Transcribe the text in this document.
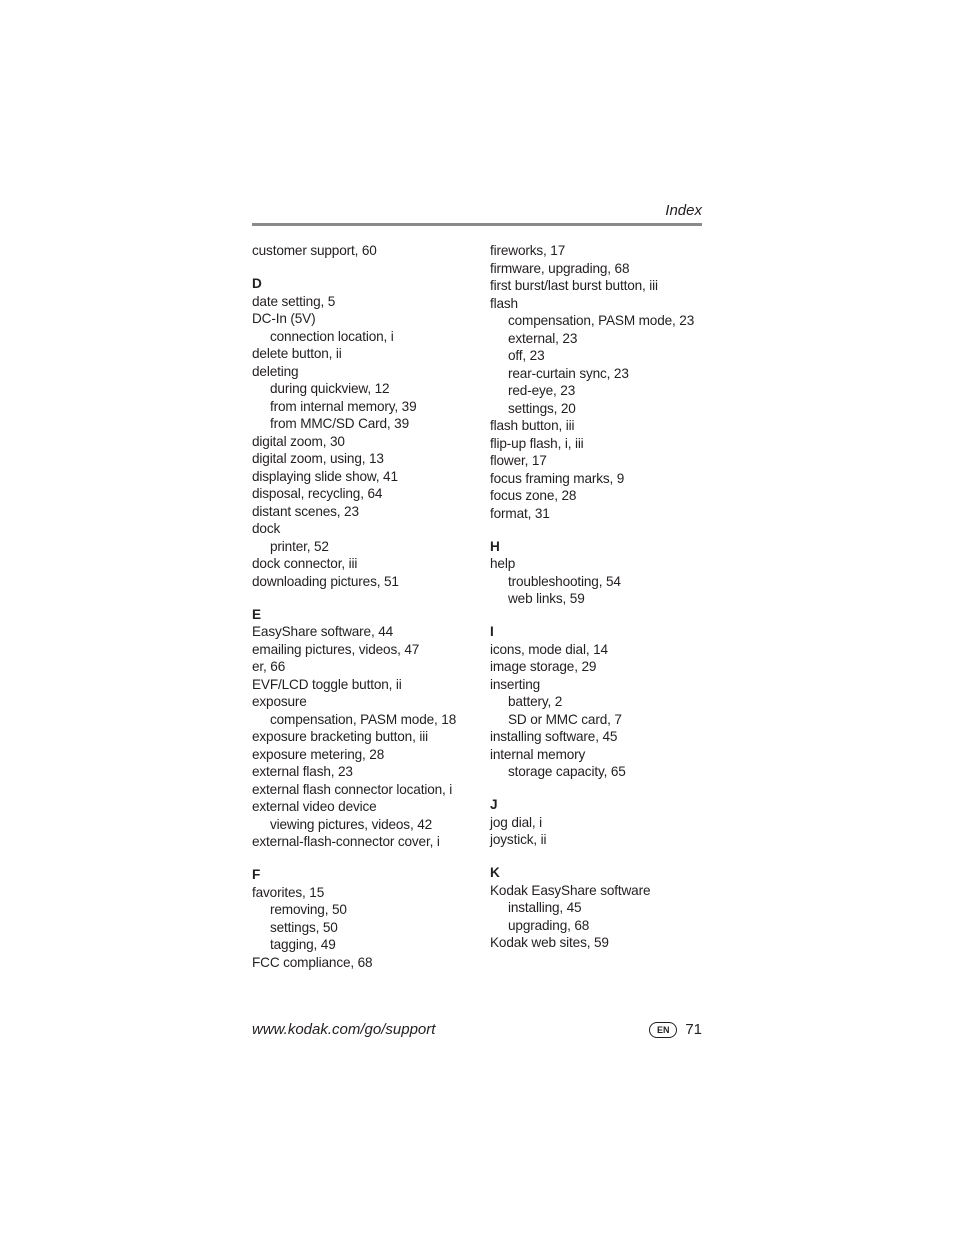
Index
customer support, 60
D
date setting, 5
DC-In (5V)
connection location, i
delete button, ii
deleting
during quickview, 12
from internal memory, 39
from MMC/SD Card, 39
digital zoom, 30
digital zoom, using, 13
displaying slide show, 41
disposal, recycling, 64
distant scenes, 23
dock
printer, 52
dock connector, iii
downloading pictures, 51
E
EasyShare software, 44
emailing pictures, videos, 47
er, 66
EVF/LCD toggle button, ii
exposure
compensation, PASM mode, 18
exposure bracketing button, iii
exposure metering, 28
external flash, 23
external flash connector location, i
external video device
viewing pictures, videos, 42
external-flash-connector cover, i
F
favorites, 15
removing, 50
settings, 50
tagging, 49
FCC compliance, 68
fireworks, 17
firmware, upgrading, 68
first burst/last burst button, iii
flash
compensation, PASM mode, 23
external, 23
off, 23
rear-curtain sync, 23
red-eye, 23
settings, 20
flash button, iii
flip-up flash, i, iii
flower, 17
focus framing marks, 9
focus zone, 28
format, 31
H
help
troubleshooting, 54
web links, 59
I
icons, mode dial, 14
image storage, 29
inserting
battery, 2
SD or MMC card, 7
installing software, 45
internal memory
storage capacity, 65
J
jog dial, i
joystick, ii
K
Kodak EasyShare software
installing, 45
upgrading, 68
Kodak web sites, 59
www.kodak.com/go/support	EN	71
